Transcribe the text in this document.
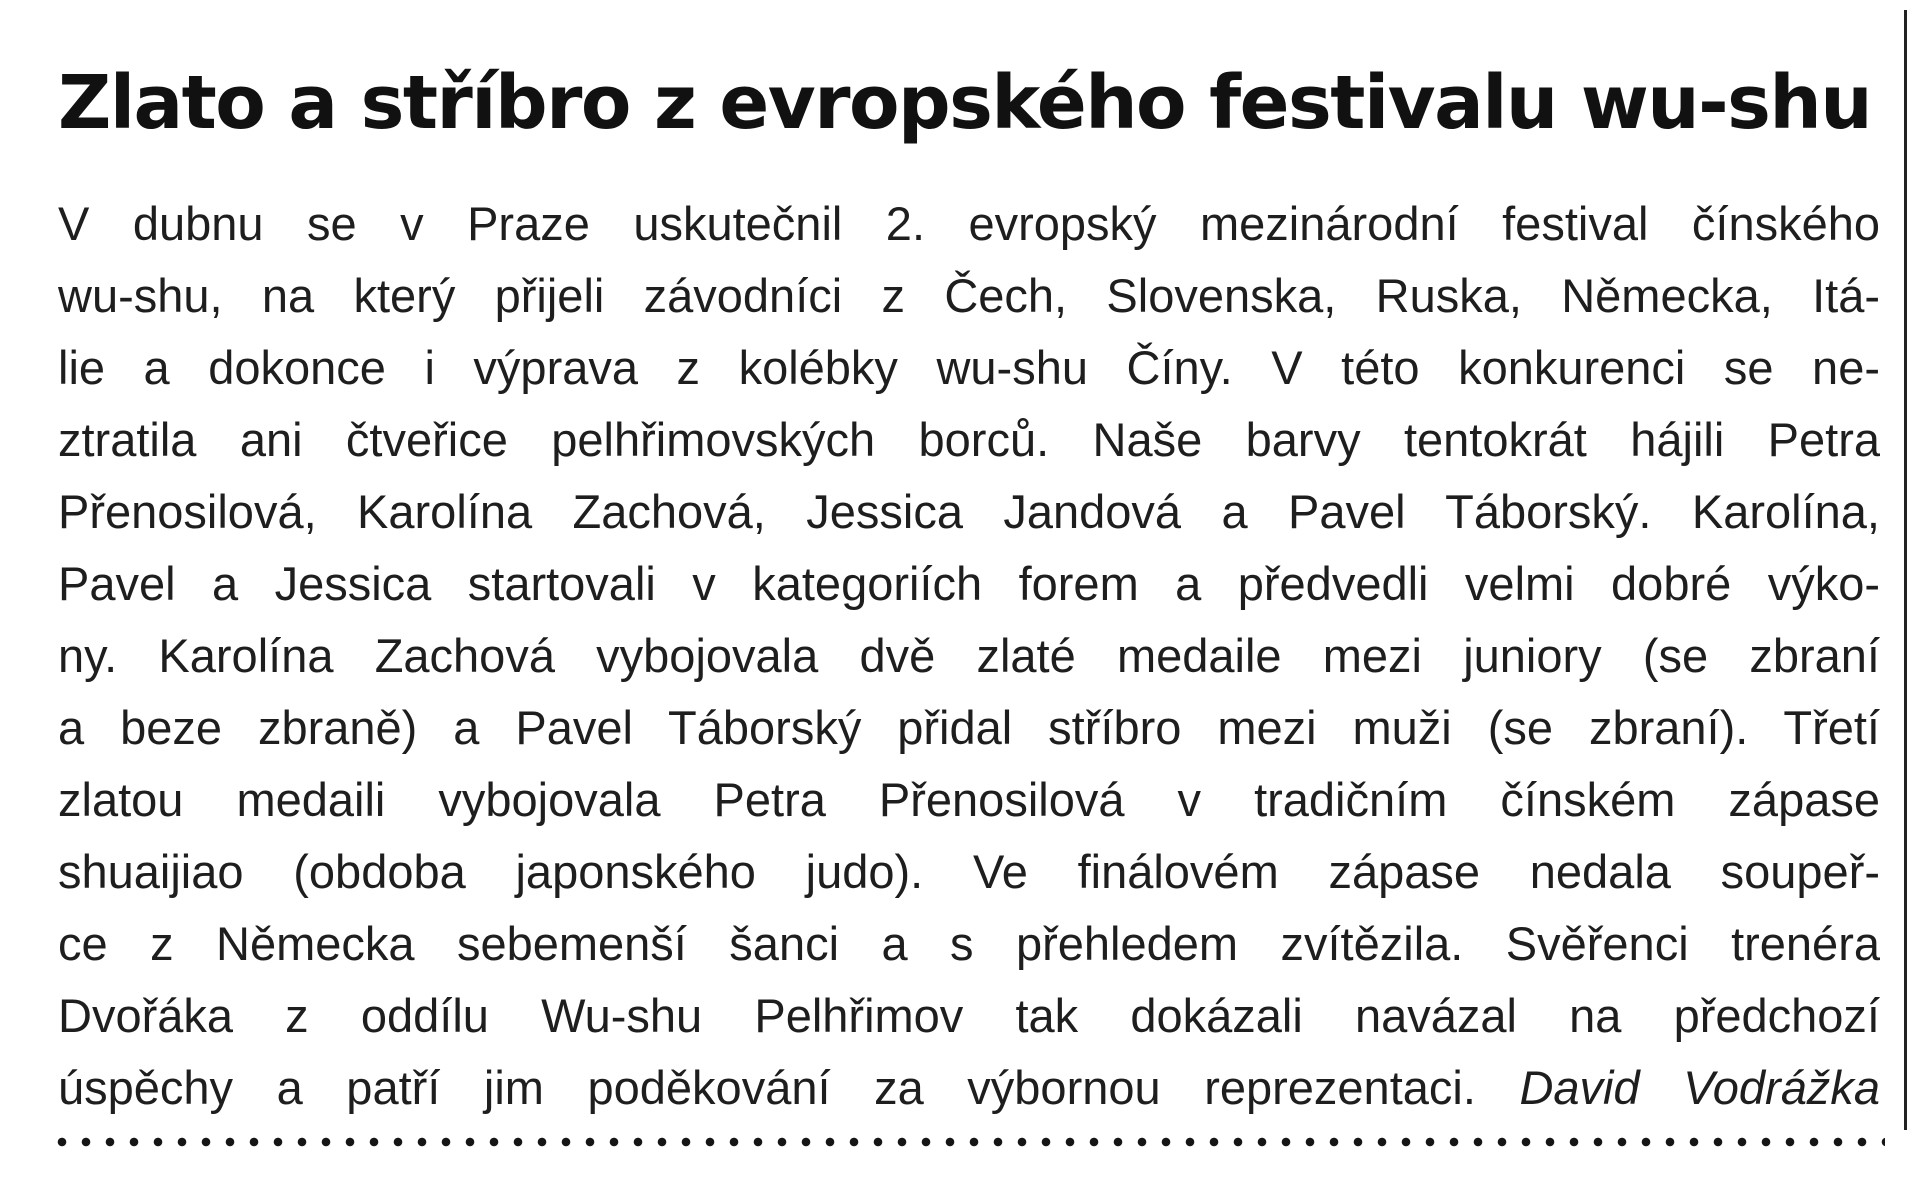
Zlato a stříbro z evropského festivalu wu-shu
V dubnu se v Praze uskutečnil 2. evropský mezinárodní festival čínského
wu-shu, na který přijeli závodníci z Čech, Slovenska, Ruska, Německa, Itá-
lie a dokonce i výprava z kolébky wu-shu Číny. V této konkurenci se ne-
ztratila ani čtveřice pelhřimovských borců. Naše barvy tentokrát hájili Petra
Přenosilová, Karolína Zachová, Jessica Jandová a Pavel Táborský. Karolína,
Pavel a Jessica startovali v kategoriích forem a předvedli velmi dobré výko-
ny. Karolína Zachová vybojovala dvě zlaté medaile mezi juniory (se zbraní
a beze zbraně) a Pavel Táborský přidal stříbro mezi muži (se zbraní). Třetí
zlatou medaili vybojovala Petra Přenosilová v tradičním čínském zápase
shuaijiao (obdoba japonského judo). Ve finálovém zápase nedala soupeř-
ce z Německa sebemenší šanci a s přehledem zvítězila. Svěřenci trenéra
Dvořáka z oddílu Wu-shu Pelhřimov tak dokázali navázal na předchozí
úspěchy a patří jim poděkování za výbornou reprezentaci. David Vodrážka
